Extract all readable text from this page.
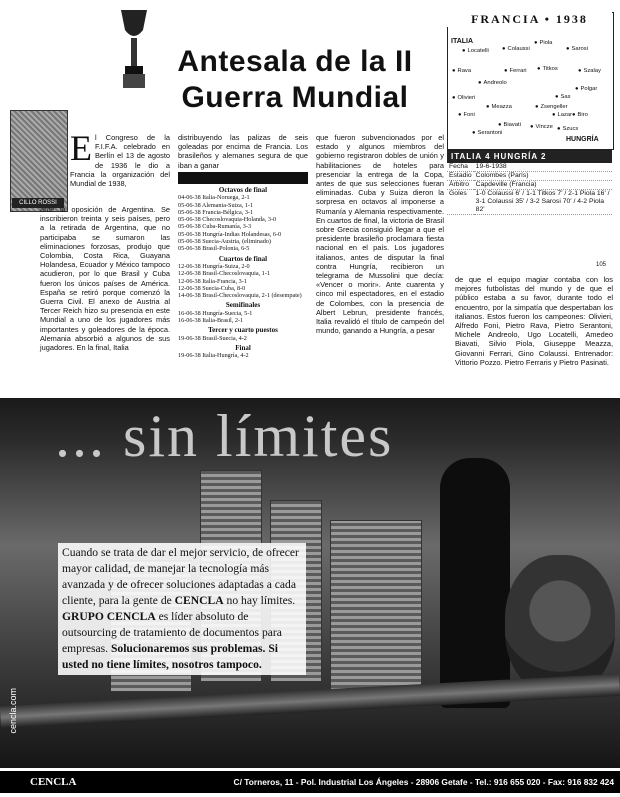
Antesala de la II
Guerra Mundial
CILLO ROSSI
E l Congreso de la F.I.F.A. celebrado en Berlín el 13 de agosto de 1936 le dio a Francia la organización del Mundial de 1938,
ante la oposición de Argentina. Se inscribieron treinta y seis países, pero a la retirada de Argentina, que no participaba se sumaron las eliminaciones forzosas, produjo que Colombia, Costa Rica, Guayana Holandesa, Ecuador y México tampoco acudieron, por lo que Brasil y Cuba fueron los únicos países de América. España se retiró porque comenzó la Guerra Civil. El anexo de Austria al Tercer Reich hizo su presencia en este Mundial a uno de los jugadores más importantes y goleadores de la época. Alemania absorbió a algunos de sus jugadores. En la final, Italia
distribuyendo las palizas de seis goleadas por encima de Francia. Los brasileños y alemanes segura de que iban a ganar
Octavos de final
04-06-38 Italia-Noruega, 2-1
05-06-38 Alemania-Suiza, 1-1
05-06-38 Francia-Bélgica, 3-1
05-06-38 Checoslovaquia-Holanda, 3-0
05-06-38 Cuba-Rumanía, 3-3
05-06-38 Hungría-Indias Holandesas, 6-0
05-06-38 Suecia-Austria, (eliminado)
05-06-38 Brasil-Polonia, 6-5
Cuartos de final
12-06-38 Hungría-Suiza, 2-0
12-06-38 Brasil-Checoslovaquia, 1-1
12-06-38 Italia-Francia, 3-1
12-06-38 Suecia-Cuba, 8-0
14-06-38 Brasil-Checoslovaquia, 2-1 (desempate)
Semifinales
16-06-38 Hungría-Suecia, 5-1
16-06-38 Italia-Brasil, 2-1
Tercer y cuarto puestos
19-06-38 Brasil-Suecia, 4-2
Final
19-06-38 Italia-Hungría, 4-2
que fueron subvencionados por el estado y algunos miembros del gobierno registraron dobles de unión y habilitaciones de hoteles para presenciar la entrega de la Copa, antes de que sus selecciones fueran eliminadas. Cuba y Suiza dieron la sorpresa en octavos al imponerse a Rumanía y Alemania respectivamente. En cuartos de final, la victoria de Brasil sobre Grecia consiguió llegar a que el presidente brasileño proclamara fiesta nacional en el país. Los jugadores italianos, antes de disputar la final contra Hungría, recibieron un telegrama de Mussolini que decía: «Vencer o morir». Ante cuarenta y cinco mil espectadores, en el estadio de Colombes, con la presencia de Albert Lebrun, presidente francés, Italia revalidó el título de campeón del mundo, ganando a Hungría, a pesar
FRANCIA • 1938
ITALIA
HUNGRÍA
● Locatelli	● Colaussi
● Piola
● Sarosi
● Rava	● Ferrari	● Titkos
● Olivieri
● Andreolo
● Meazza	● Zsengeller
● Sas
● Foni
● Biavati
● Serantoni
● Szalay
● Lazar ● Biro
● Polgar
● Vincze	● Szucs
ITALIA 4 HUNGRÍA 2
Fecha	19-6-1938
Estadio	Colombes (París)
Árbitro	Capdeville (Francia)
Goles	1-0 Colaussi 6' / 1-1 Titkos 7' / 2-1 Piola 16' / 3-1 Colaussi 35' / 3-2 Sarosi 70' / 4-2 Piola 82'
105
de que el equipo magiar contaba con los mejores futbolistas del mundo y de que el público estaba a su favor, durante todo el encuentro, por la simpatía que despertaban los italianos. Estos fueron los campeones: Olivieri, Alfredo Foni, Pietro Rava, Pietro Serantoni, Michele Andreolo, Ugo Locatelli, Amedeo Biavati, Silvio Piola, Giuseppe Meazza, Giovanni Ferrari, Gino Colaussi. Entrenador: Vittorio Pozzo. Pietro Ferraris y Pietro Pasinati.
... sin límites
Cuando se trata de dar el mejor servicio, de ofrecer mayor calidad, de manejar la tecnología más avanzada y de ofrecer soluciones adaptadas a cada cliente, para la gente de CENCLA no hay límites. GRUPO CENCLA es líder absoluto de outsourcing de tratamiento de documentos para empresas. Solucionaremos sus problemas. Si usted no tiene límites, nosotros tampoco.
cencla.com
CENCLA	C/ Torneros, 11 - Pol. Industrial Los Ángeles - 28906 Getafe - Tel.: 916 655 020 - Fax: 916 832 424
